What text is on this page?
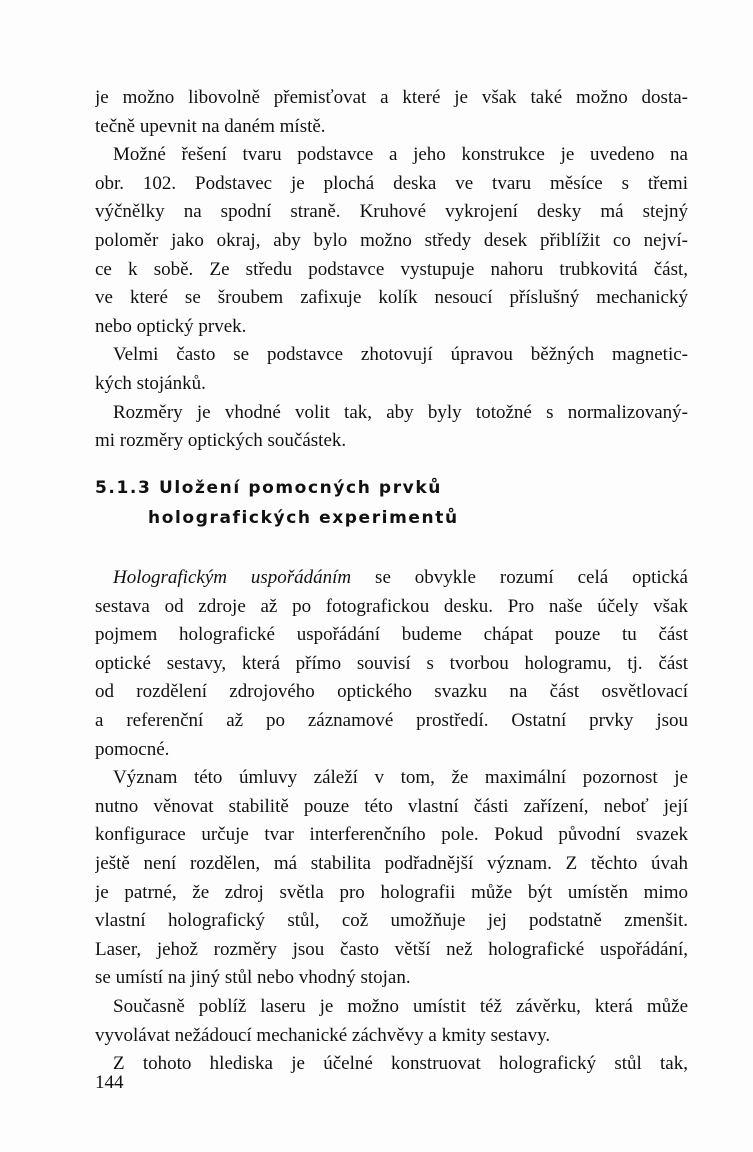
je možno libovolně přemisťovat a které je však také možno dosta-
tečně upevnit na daném místě.
Možné řešení tvaru podstavce a jeho konstrukce je uvedeno na
obr. 102. Podstavec je plochá deska ve tvaru měsíce s třemi
výčnělky na spodní straně. Kruhové vykrojení desky má stejný
poloměr jako okraj, aby bylo možno středy desek přiblížit co nejví-
ce k sobě. Ze středu podstavce vystupuje nahoru trubkovitá část,
ve které se šroubem zafixuje kolík nesoucí příslušný mechanický
nebo optický prvek.
Velmi často se podstavce zhotovují úpravou běžných magnetic-
kých stojánků.
Rozměry je vhodné volit tak, aby byly totožné s normalizovaný-
mi rozměry optických součástek.
5.1.3 Uložení pomocných prvků
holografických experimentů
Holografickým uspořádáním se obvykle rozumí celá optická
sestava od zdroje až po fotografickou desku. Pro naše účely však
pojmem holografické uspořádání budeme chápat pouze tu část
optické sestavy, která přímo souvisí s tvorbou hologramu, tj. část
od rozdělení zdrojového optického svazku na část osvětlovací
a referenční až po záznamové prostředí. Ostatní prvky jsou
pomocné.
Význam této úmluvy záleží v tom, že maximální pozornost je
nutno věnovat stabilitě pouze této vlastní části zařízení, neboť její
konfigurace určuje tvar interferenčního pole. Pokud původní svazek
ještě není rozdělen, má stabilita podřadnější význam. Z těchto úvah
je patrné, že zdroj světla pro holografii může být umístěn mimo
vlastní holografický stůl, což umožňuje jej podstatně zmenšit.
Laser, jehož rozměry jsou často větší než holografické uspořádání,
se umístí na jiný stůl nebo vhodný stojan.
Současně poblíž laseru je možno umístit též závěrku, která může
vyvolávat nežádoucí mechanické záchvěvy a kmity sestavy.
Z tohoto hlediska je účelné konstruovat holografický stůl tak,
144
